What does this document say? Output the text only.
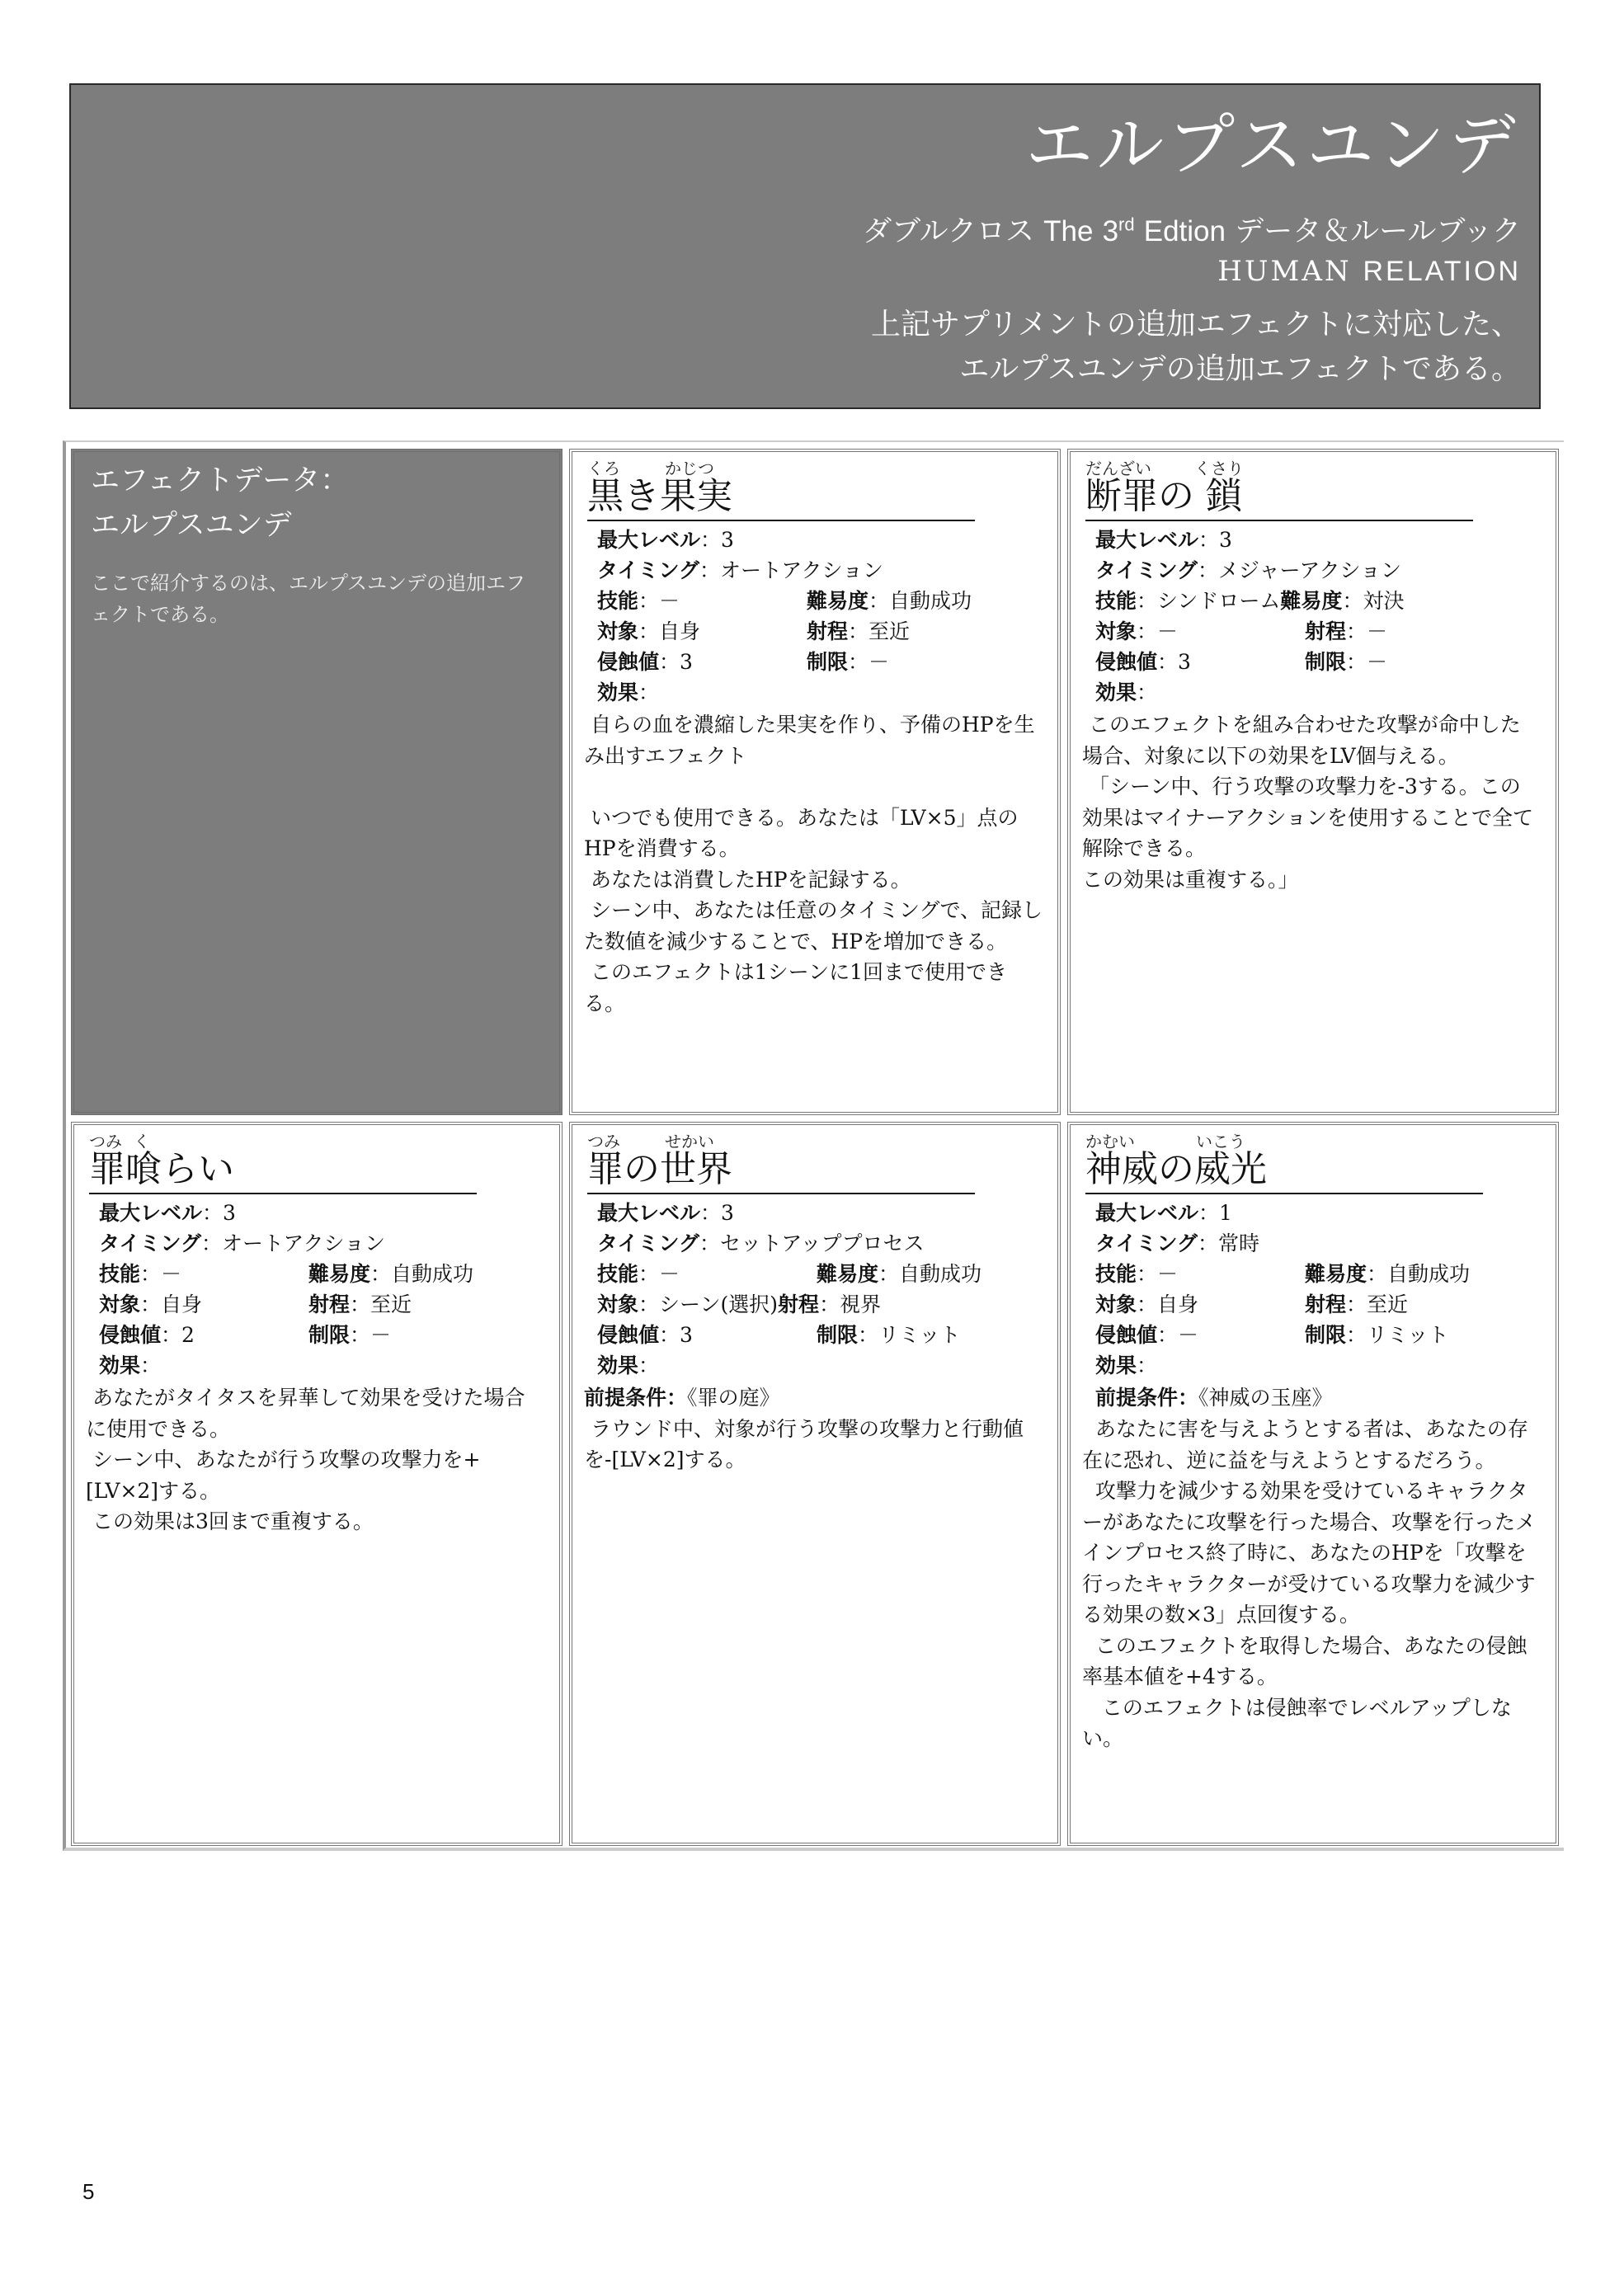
エルプスユンデ
ダブルクロス The 3rd Edtion データ＆ルールブック
HUMAN RELATION
上記サプリメントの追加エフェクトに対応した、
エルプスユンデの追加エフェクトである。
エフェクトデータ：
エルプスユンデ
ここで紹介するのは、エルプスユンデの追加エフェクトである。
くろ	かじつ
黒き果実
最大レベル：3
タイミング：オートアクション
技能：－	難易度：自動成功
対象：自身	射程：至近
侵蝕値：3	制限：－
効果：
自らの血を濃縮した果実を作り、予備のHPを生み出すエフェクト

いつでも使用できる。あなたは「LV×5」点のHPを消費する。
あなたは消費したHPを記録する。
シーン中、あなたは任意のタイミングで、記録した数値を減少することで、HPを増加できる。
このエフェクトは1シーンに1回まで使用できる。
だんざい	くさり
断罪の 鎖
最大レベル：3
タイミング：メジャーアクション
技能：シンドローム難易度：対決
対象：－	射程：－
侵蝕値：3	制限：－
効果：
このエフェクトを組み合わせた攻撃が命中した場合、対象に以下の効果をLV個与える。
「シーン中、行う攻撃の攻撃力を-3する。この効果はマイナーアクションを使用することで全て解除できる。
この効果は重複する。」
つみ く
罪喰らい
最大レベル：3
タイミング：オートアクション
技能：－	難易度：自動成功
対象：自身	射程：至近
侵蝕値：2	制限：－
効果：
あなたがタイタスを昇華して効果を受けた場合に使用できる。
シーン中、あなたが行う攻撃の攻撃力を+[LV×2]する。
この効果は3回まで重複する。
つみ	せかい
罪の世界
最大レベル：3
タイミング：セットアッププロセス
技能：－	難易度：自動成功
対象：シーン(選択)射程：視界
侵蝕値：3	制限：リミット
効果：
前提条件：《罪の庭》
ラウンド中、対象が行う攻撃の攻撃力と行動値を-[LV×2]する。
かむい	いこう
神威の威光
最大レベル：1
タイミング：常時
技能：－	難易度：自動成功
対象：自身	射程：至近
侵蝕値：－	制限：リミット
効果：
前提条件：《神威の玉座》
あなたに害を与えようとする者は、あなたの存在に恐れ、逆に益を与えようとするだろう。
攻撃力を減少する効果を受けているキャラクターがあなたに攻撃を行った場合、攻撃を行ったメインプロセス終了時に、あなたのHPを「攻撃を行ったキャラクターが受けている攻撃力を減少する効果の数×3」点回復する。
このエフェクトを取得した場合、あなたの侵蝕率基本値を+4する。
このエフェクトは侵蝕率でレベルアップしない。
5
